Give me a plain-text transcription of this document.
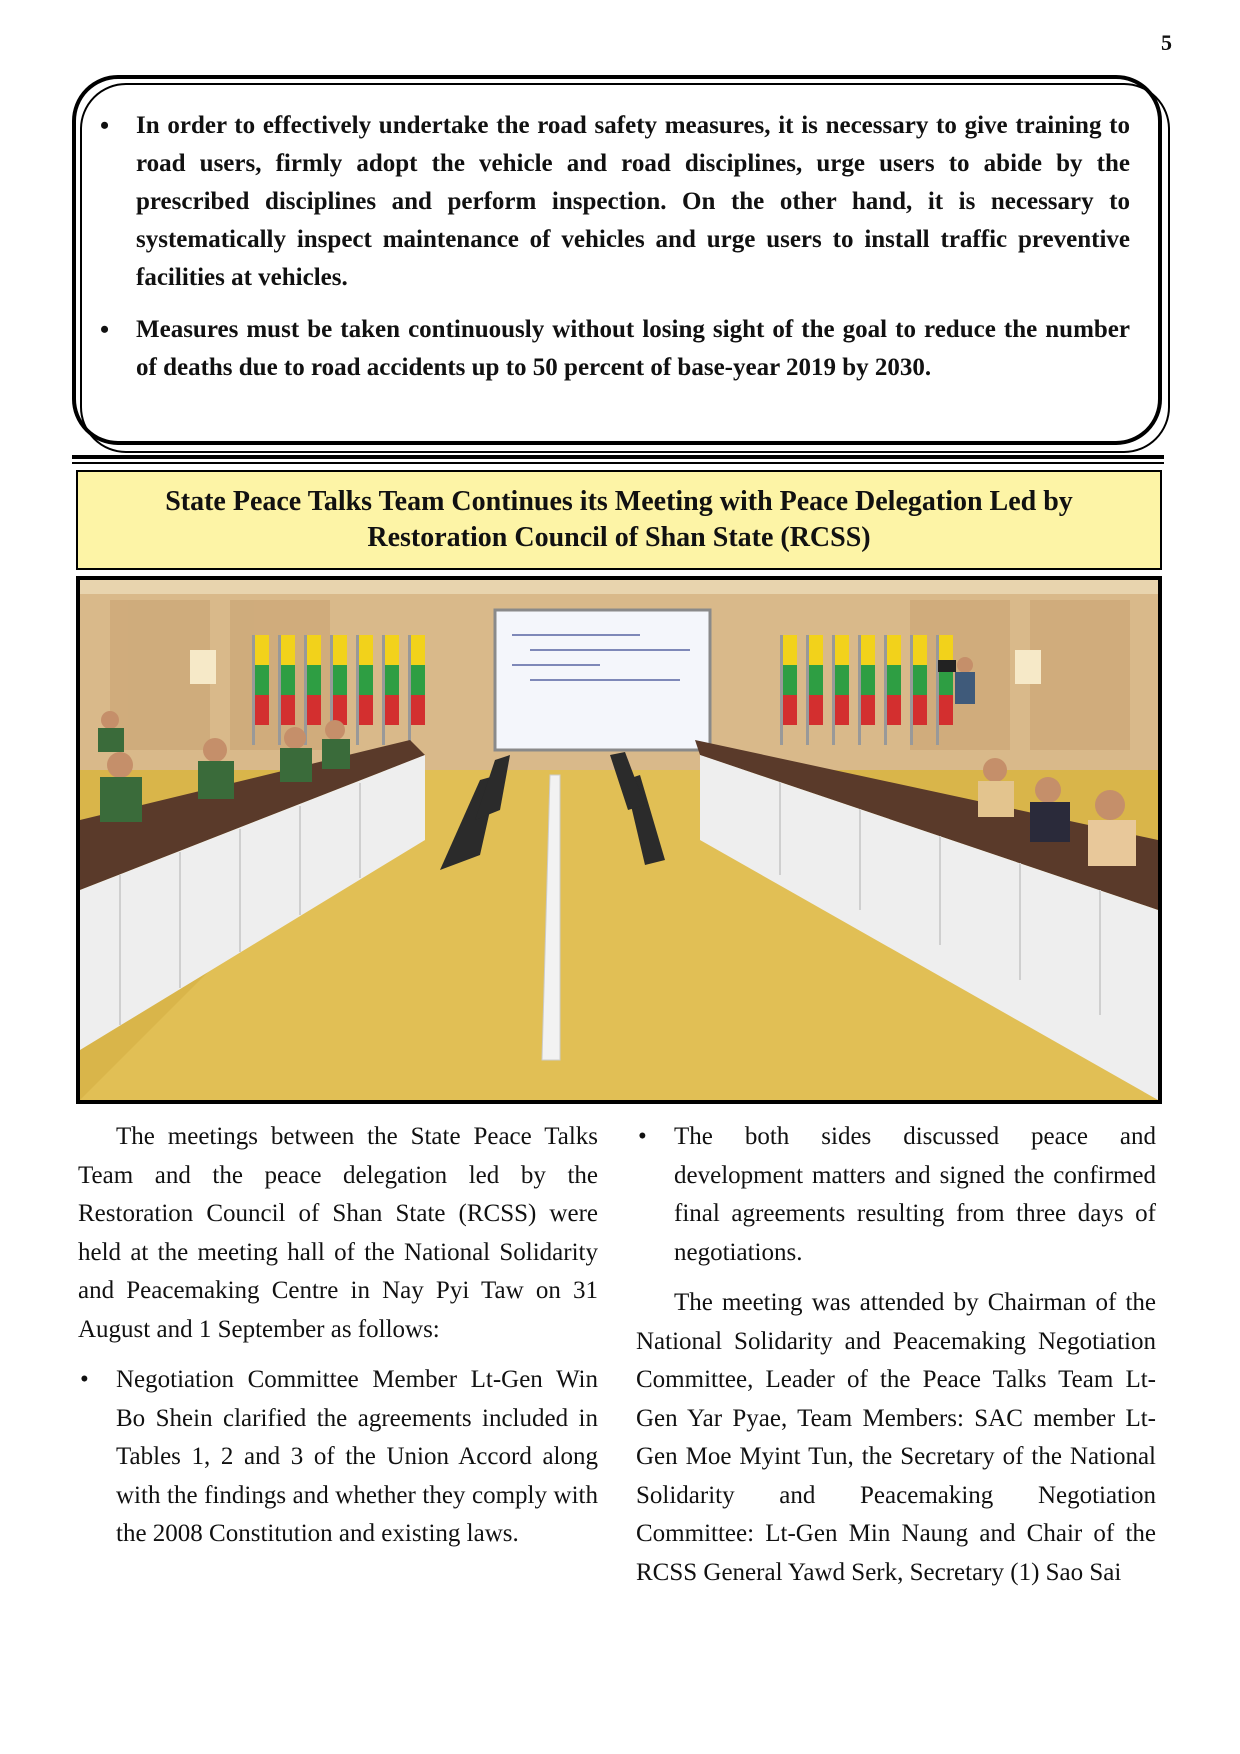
5
• In order to effectively undertake the road safety measures, it is necessary to give training to road users, firmly adopt the vehicle and road disciplines, urge users to abide by the prescribed disciplines and perform inspection. On the other hand, it is necessary to systematically inspect maintenance of vehicles and urge users to install traffic preventive facilities at vehicles.
• Measures must be taken continuously without losing sight of the goal to reduce the number of deaths due to road accidents up to 50 percent of base-year 2019 by 2030.
State Peace Talks Team Continues its Meeting with Peace Delegation Led by
Restoration Council of Shan State (RCSS)

The meetings between the State Peace Talks Team and the peace delegation led by the Restoration Council of Shan State (RCSS) were held at the meeting hall of the National Solidarity and Peacemaking Centre in Nay Pyi Taw on 31 August and 1 September as follows:

• Negotiation Committee Member Lt-Gen Win Bo Shein clarified the agreements included in Tables 1, 2 and 3 of the Union Accord along with the findings and whether they comply with the 2008 Constitution and existing laws.
• The both sides discussed peace and development matters and signed the confirmed final agreements resulting from three days of negotiations.

The meeting was attended by Chairman of the National Solidarity and Peacemaking Negotiation Committee, Leader of the Peace Talks Team Lt-Gen Yar Pyae, Team Members: SAC member Lt-Gen Moe Myint Tun, the Secretary of the National Solidarity and Peacemaking Negotiation Committee: Lt-Gen Min Naung and Chair of the RCSS General Yawd Serk, Secretary (1) Sao Sai
